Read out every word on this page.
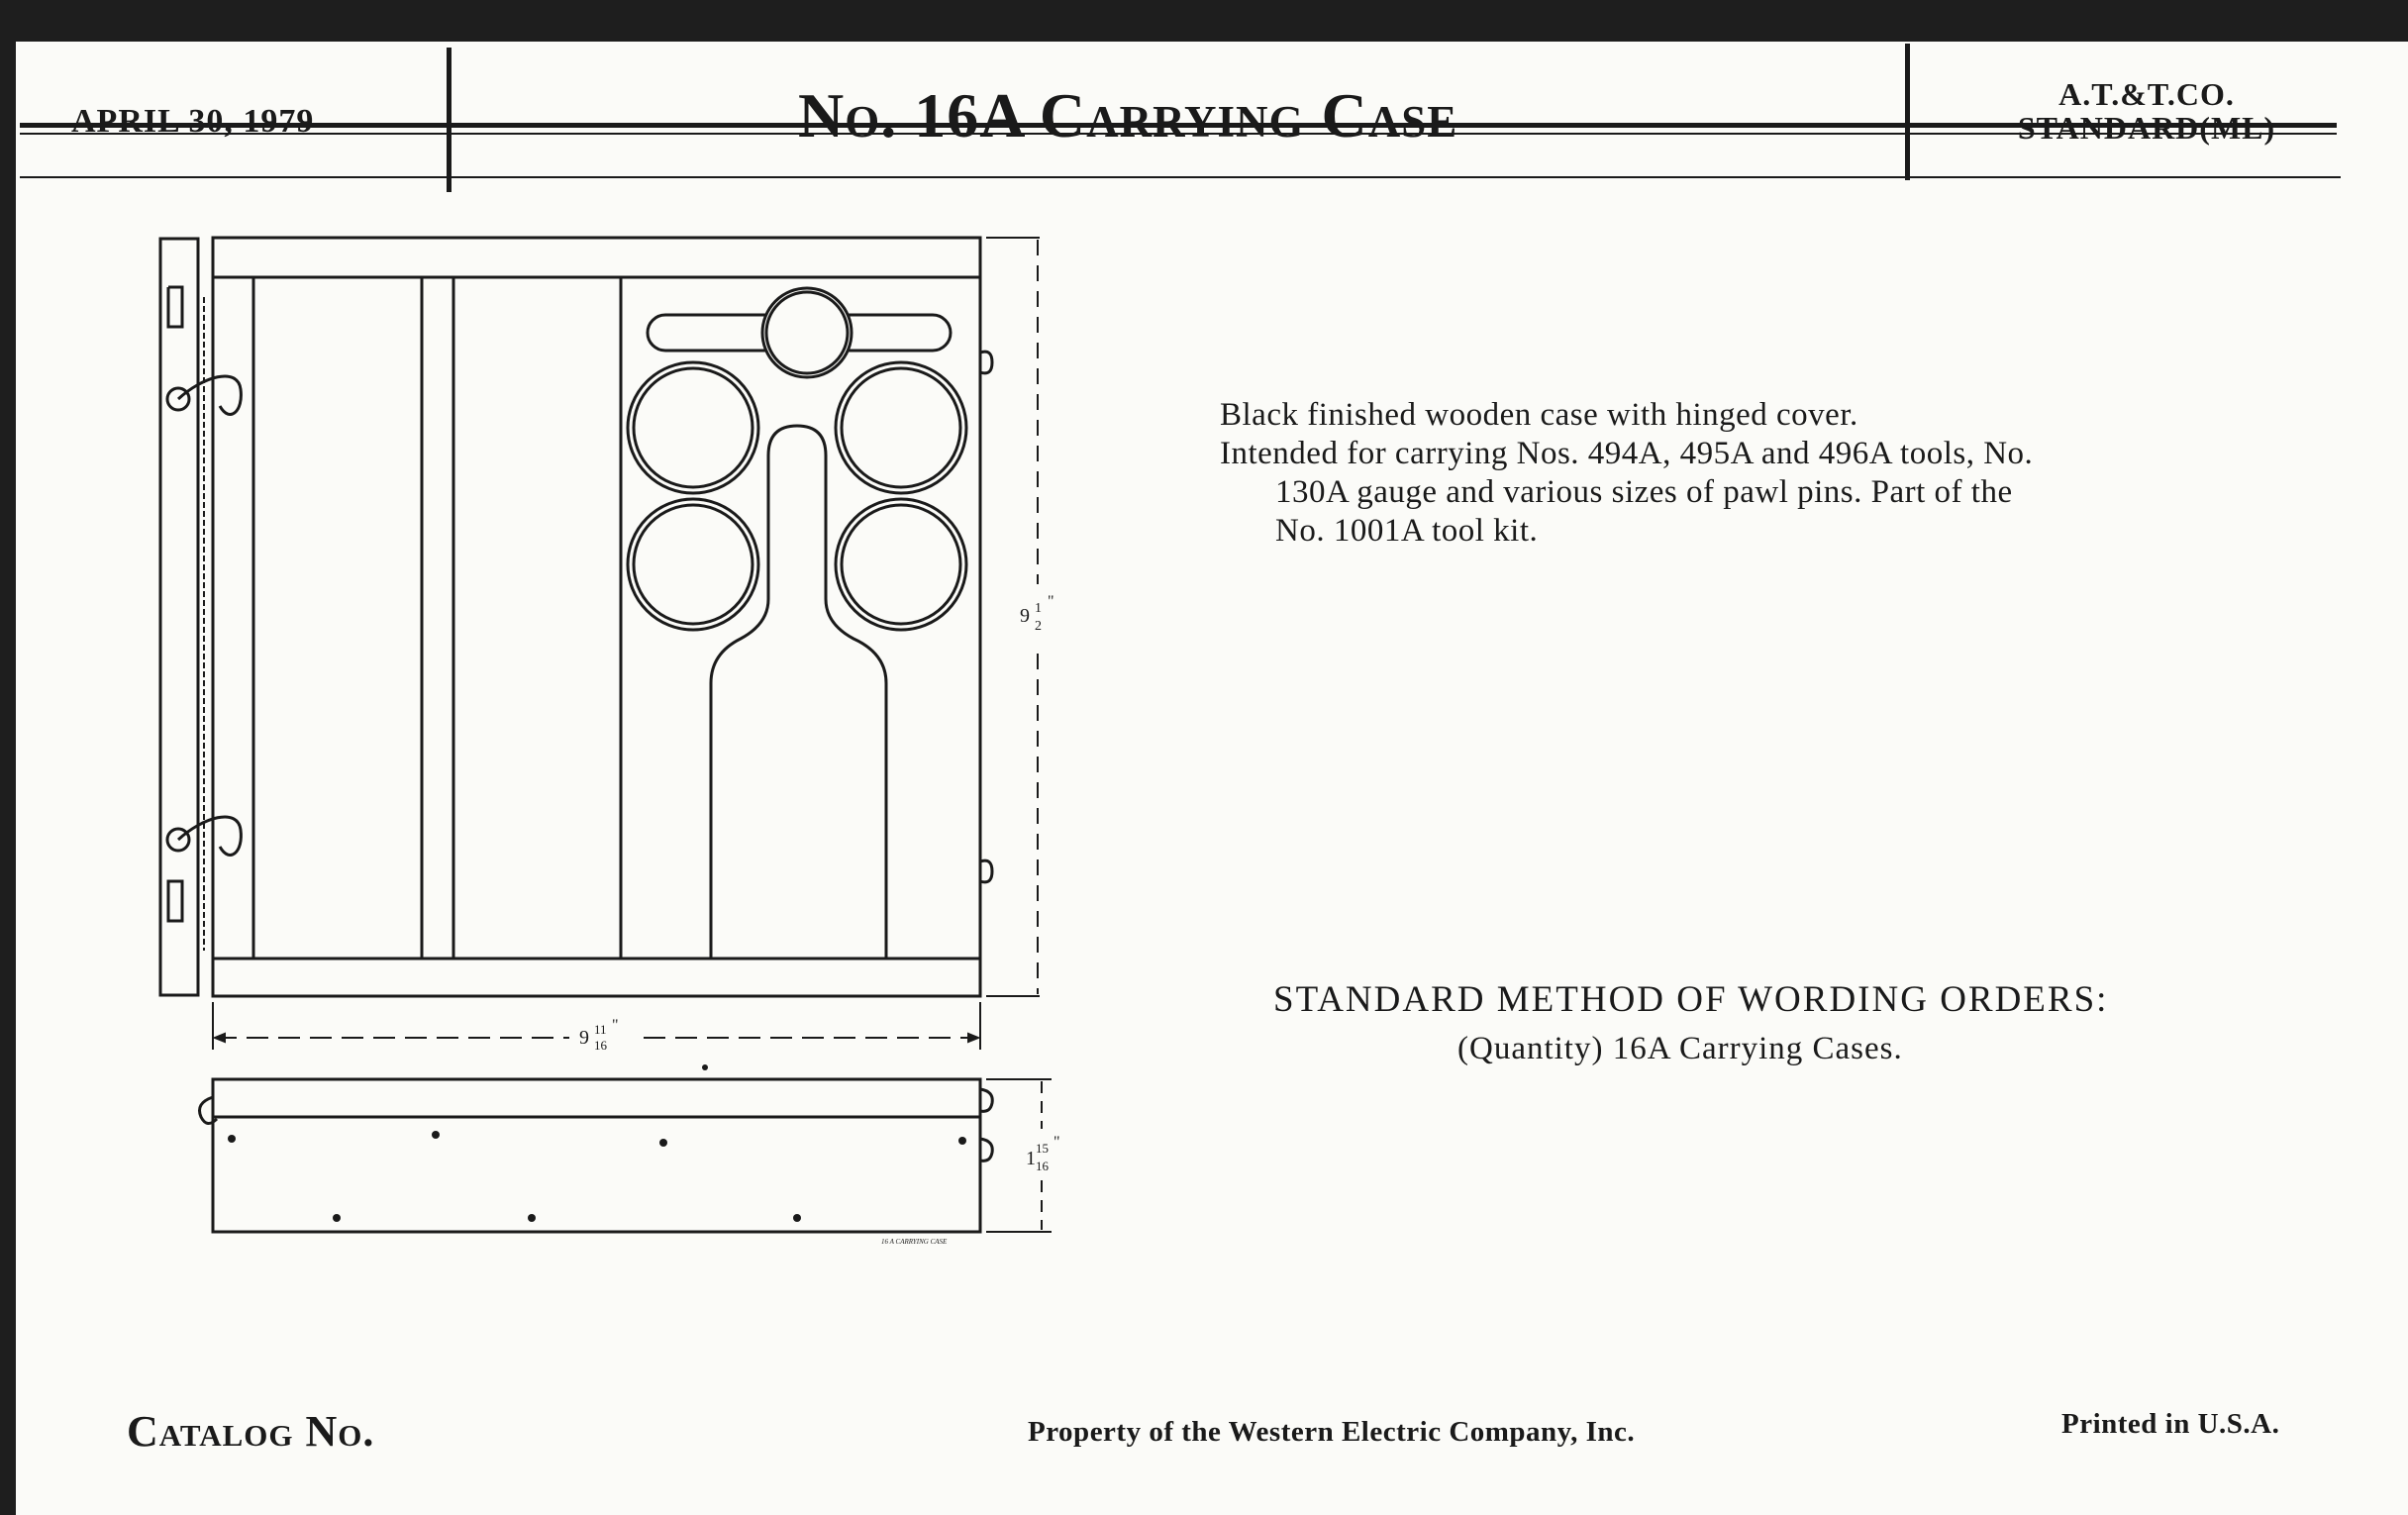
APRIL 30, 1979	No. 16A Carrying Case	A.T.&T.CO.
STANDARD(ML)
9 1
2
"
9 11
16
"
1 15
16
"
16 A CARRYING CASE
Black finished wooden case with hinged cover.
Intended for carrying Nos. 494A, 495A and 496A tools, No.
130A gauge and various sizes of pawl pins. Part of the
No. 1001A tool kit.
STANDARD METHOD OF WORDING ORDERS:
(Quantity) 16A Carrying Cases.
Catalog No.	Property of the Western Electric Company, Inc.	Printed in U.S.A.
